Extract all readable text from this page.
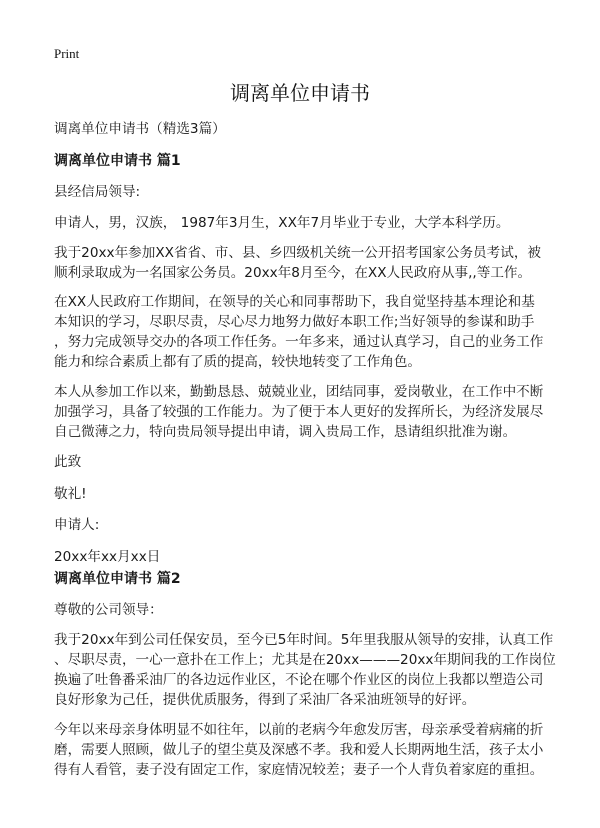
Print
调离单位申请书
调离单位申请书（精选3篇）
调离单位申请书 篇1
县经信局领导:
申请人，男，汉族， 1987年3月生，XX年7月毕业于专业，大学本科学历。
我于20xx年参加XX省省、市、县、乡四级机关统一公开招考国家公务员考试，被
顺利录取成为一名国家公务员。20xx年8月至今，在XX人民政府从事,,等工作。
在XX人民政府工作期间，在领导的关心和同事帮助下，我自觉坚持基本理论和基
本知识的学习，尽职尽责，尽心尽力地努力做好本职工作;当好领导的参谋和助手
，努力完成领导交办的各项工作任务。一年多来，通过认真学习，自己的业务工作
能力和综合素质上都有了质的提高，较快地转变了工作角色。
本人从参加工作以来，勤勤恳恳、兢兢业业，团结同事，爱岗敬业，在工作中不断
加强学习，具备了较强的工作能力。为了便于本人更好的发挥所长，为经济发展尽
自己微薄之力，特向贵局领导提出申请，调入贵局工作，恳请组织批准为谢。
此致
敬礼!
申请人:
20xx年xx月xx日
调离单位申请书 篇2
尊敬的公司领导：
我于20xx年到公司任保安员，至今已5年时间。5年里我服从领导的安排，认真工作
、尽职尽责，一心一意扑在工作上；尤其是在20xx———20xx年期间我的工作岗位
换遍了吐鲁番采油厂的各边远作业区，不论在哪个作业区的岗位上我都以塑造公司
良好形象为己任，提供优质服务，得到了采油厂各采油班领导的好评。
今年以来母亲身体明显不如往年，以前的老病今年愈发厉害，母亲承受着病痛的折
磨，需要人照顾，做儿子的望尘莫及深感不孝。我和爱人长期两地生活，孩子太小
得有人看管，妻子没有固定工作，家庭情况较差；妻子一个人背负着家庭的重担。
